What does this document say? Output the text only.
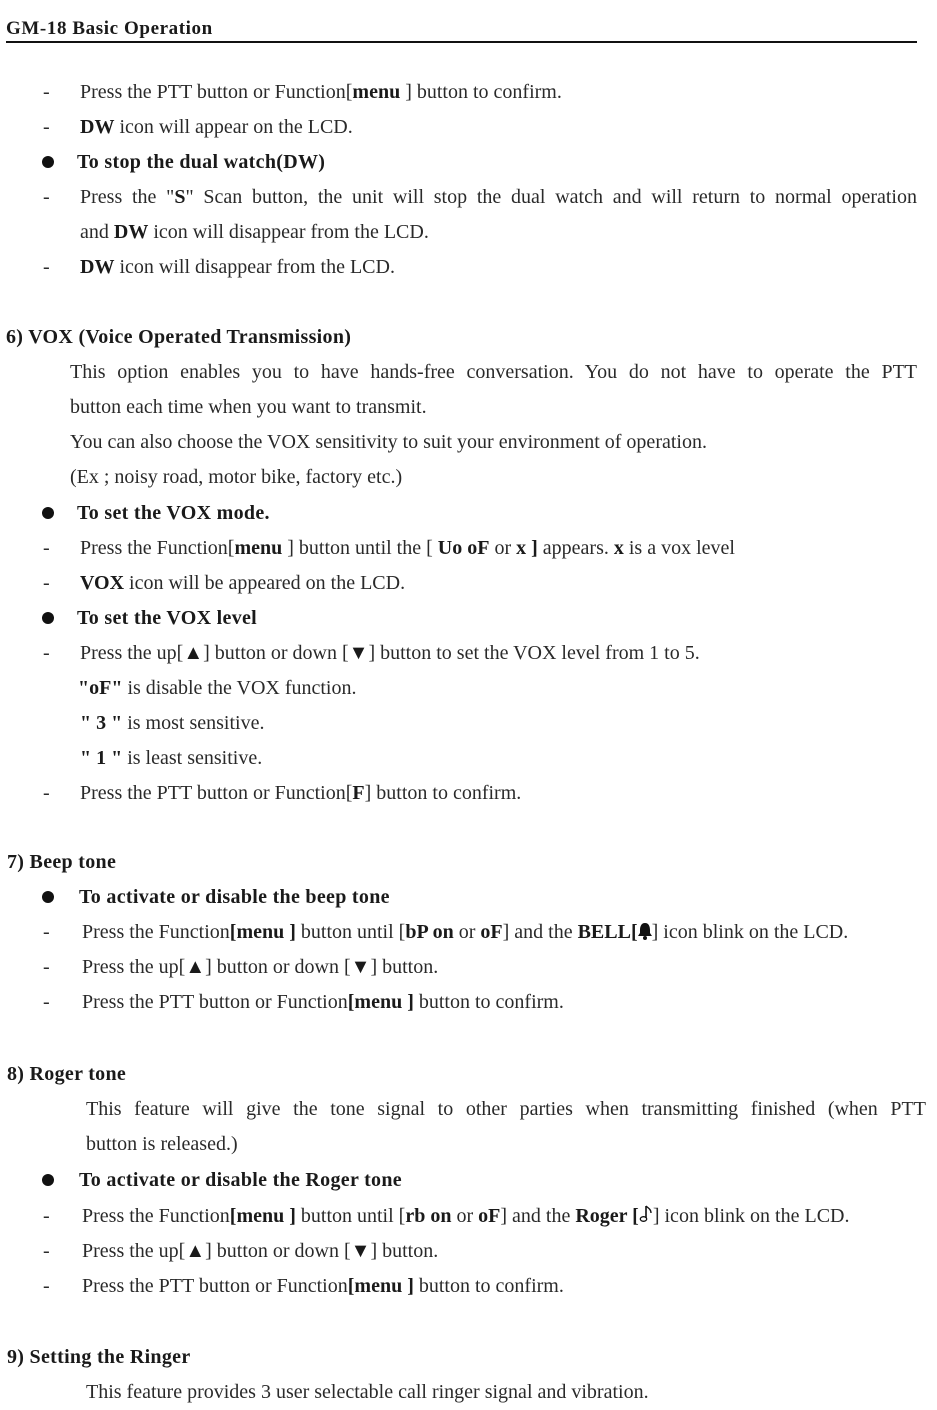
GM-18 Basic Operation
- Press the PTT button or Function[menu ] button to confirm.
- DW icon will appear on the LCD.
To stop the dual watch(DW)
- Press the "S" Scan button, the unit will stop the dual watch and will return to normal operation
and DW icon will disappear from the LCD.
- DW icon will disappear from the LCD.
6) VOX (Voice Operated Transmission)
This option enables you to have hands-free conversation. You do not have to operate the PTT
button each time when you want to transmit.
You can also choose the VOX sensitivity to suit your environment of operation.
(Ex ; noisy road, motor bike, factory etc.)
To set the VOX mode.
- Press the Function[menu ] button until the [ Uo oF or x ] appears. x is a vox level
- VOX icon will be appeared on the LCD.
To set the VOX level
- Press the up[▲] button or down [▼] button to set the VOX level from 1 to 5.
"oF" is disable the VOX function.
" 3 " is most sensitive.
" 1 " is least sensitive.
- Press the PTT button or Function[F] button to confirm.
7) Beep tone
To activate or disable the beep tone
- Press the Function[menu ] button until [bP on or oF] and the BELL[ ] icon blink on the LCD.
- Press the up[▲] button or down [▼] button.
- Press the PTT button or Function[menu ] button to confirm.
8) Roger tone
This feature will give the tone signal to other parties when transmitting finished (when PTT
button is released.)
To activate or disable the Roger tone
- Press the Function[menu ] button until [rb on or oF] and the Roger [ ] icon blink on the LCD.
- Press the up[▲] button or down [▼] button.
- Press the PTT button or Function[menu ] button to confirm.
9) Setting the Ringer
This feature provides 3 user selectable call ringer signal and vibration.
